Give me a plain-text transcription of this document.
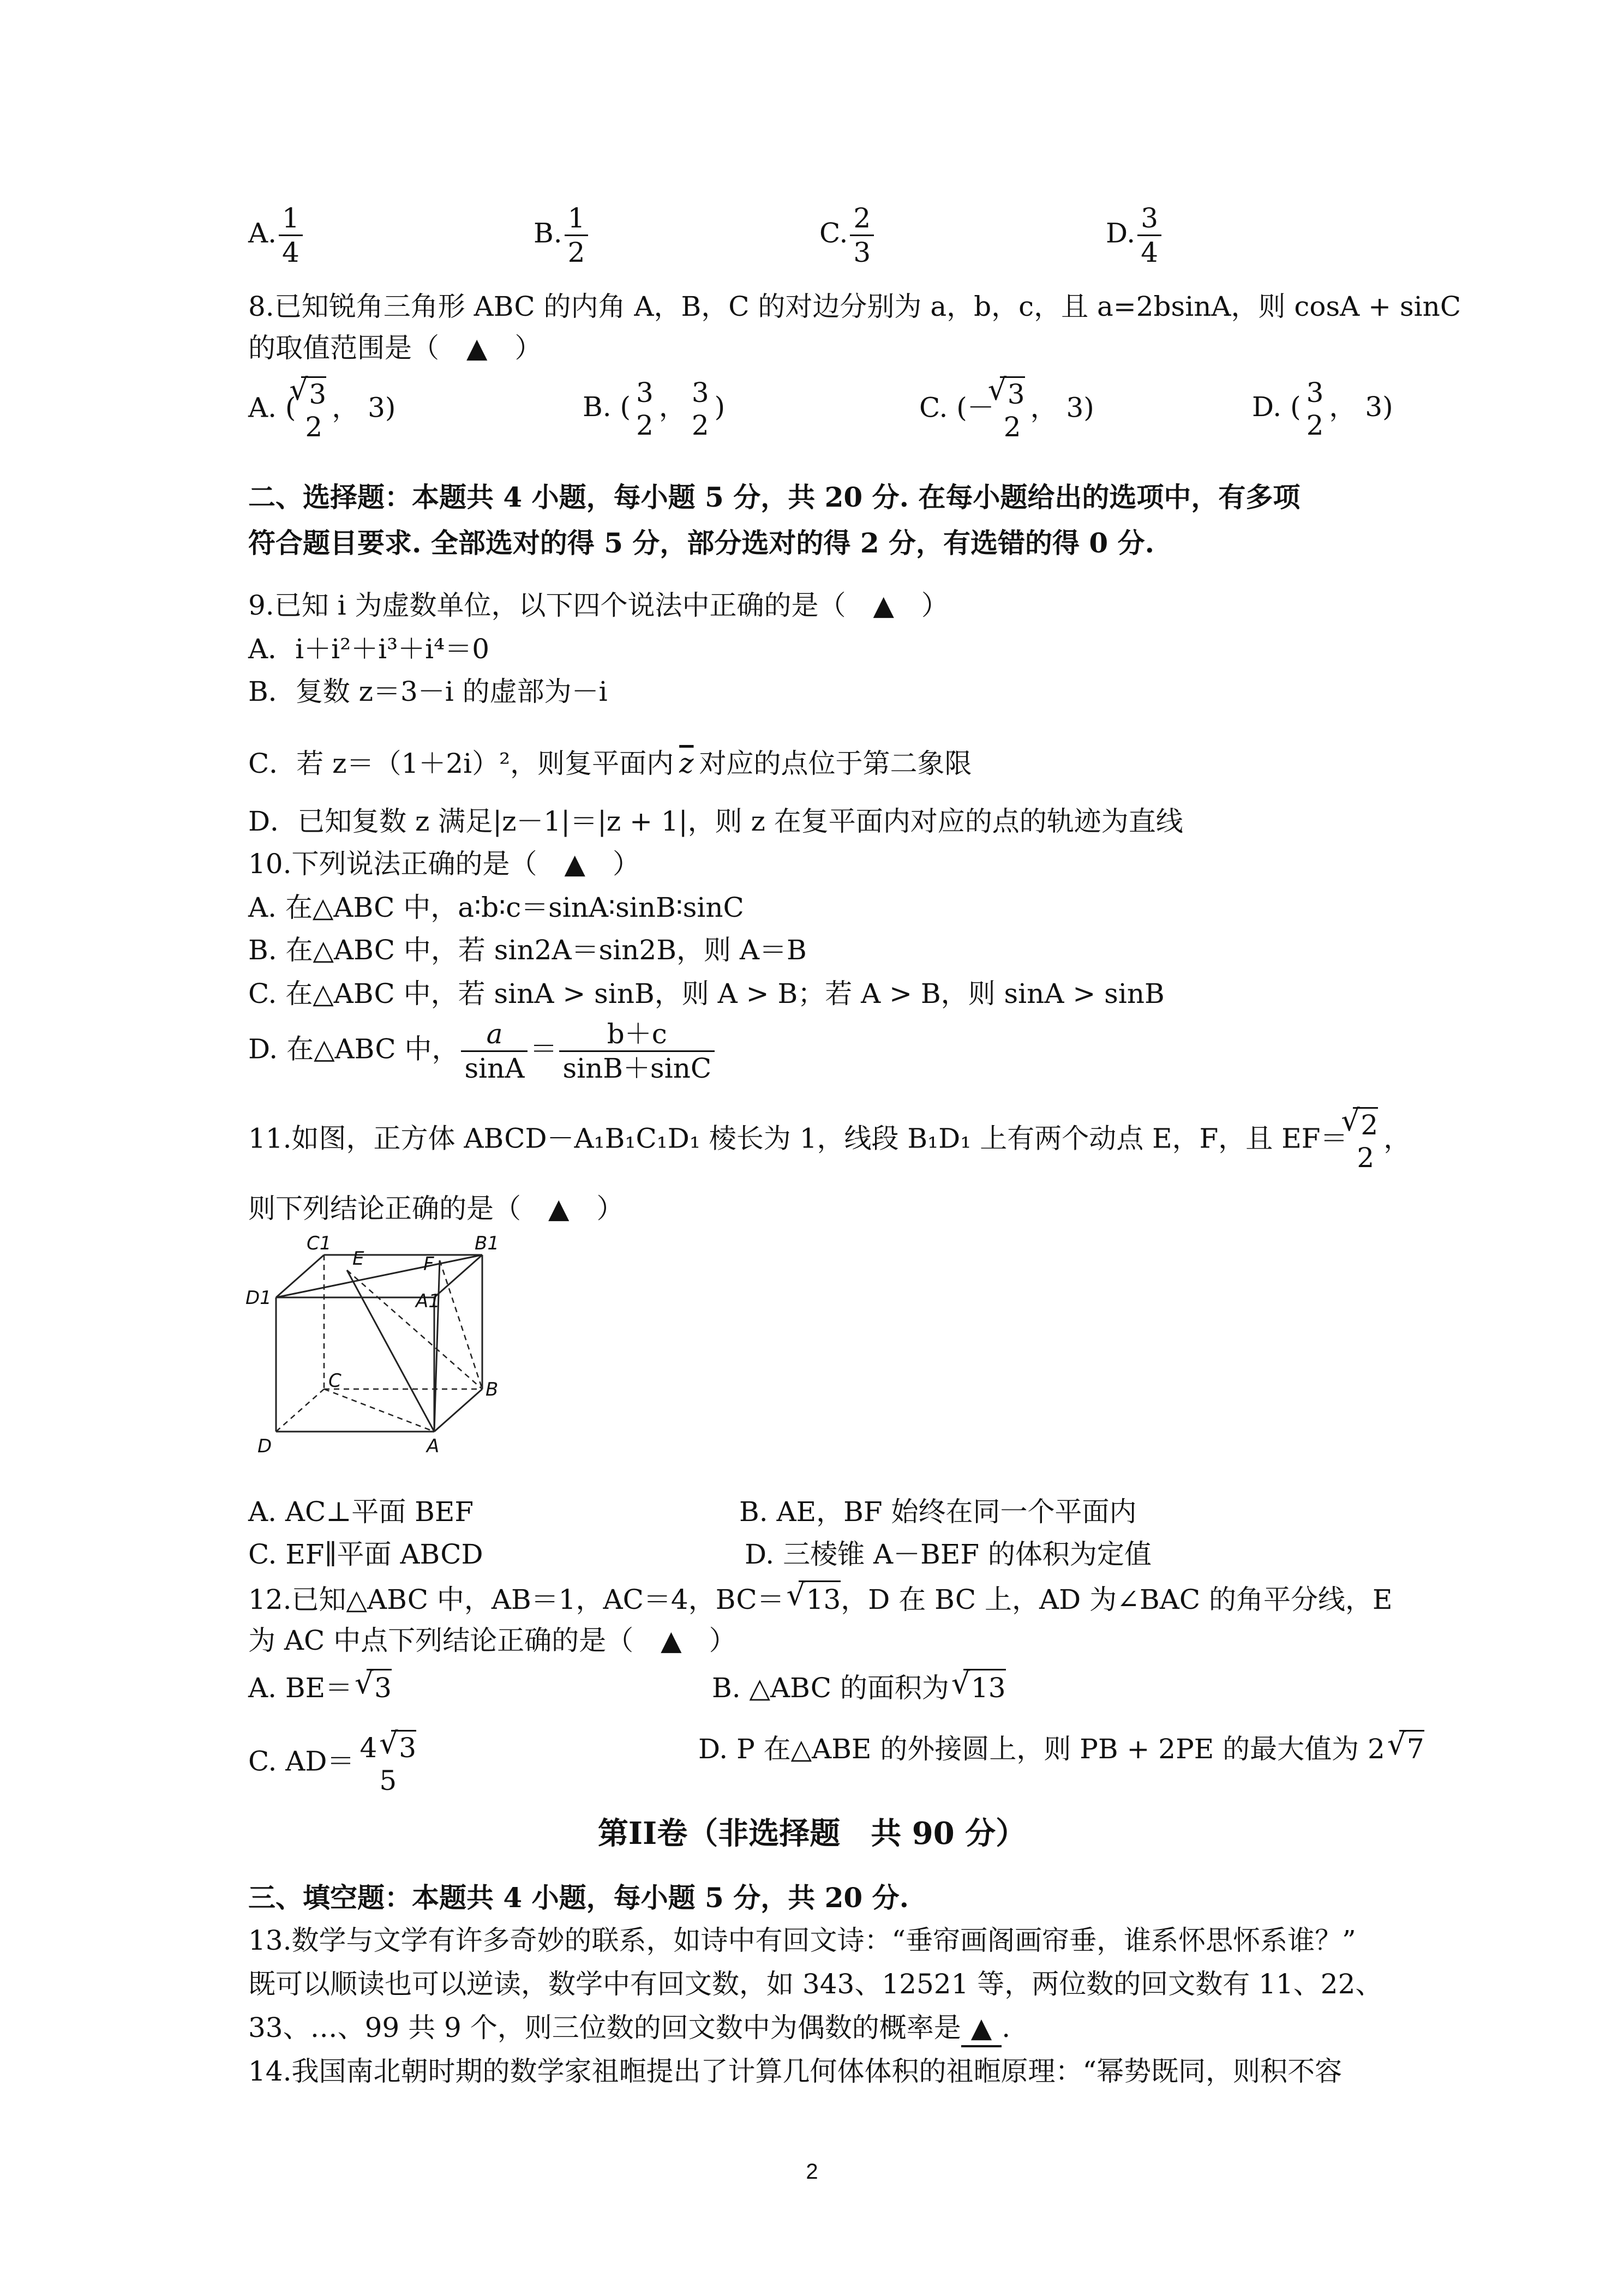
A. $\frac{1}{4}$	B. $\frac{1}{2}$	C. $\frac{2}{3}$	D. $\frac{3}{4}$
8.已知锐角三角形 ABC 的内角 A，B，C 的对边分别为 a，b，c，且 a=2bsinA，则 cosA + sinC
的取值范围是（　▲　）
A. ( √ 3
2
， 3)	B. ( 3
2
， 3
2
)	C. (－ √ 3
2
， 3)	D. ( 3
2
， 3)
二、选择题：本题共 4 小题，每小题 5 分，共 20 分. 在每小题给出的选项中，有多项
符合题目要求. 全部选对的得 5 分，部分选对的得 2 分，有选错的得 0 分.
9.已知 i 为虚数单位，以下四个说法中正确的是（　▲　）
A．i＋i²＋i³＋i⁴＝0
B．复数 z＝3－i 的虚部为－i
C．若 z＝（1＋2i）²，则复平面内 $\overline{z}$ 对应的点位于第二象限
D．已知复数 z 满足|z－1|＝|z + 1|，则 z 在复平面内对应的点的轨迹为直线
10.下列说法正确的是（　▲　）
A. 在△ABC 中，a∶b∶c＝sinA∶sinB∶sinC
B. 在△ABC 中，若 sin2A＝sin2B，则 A＝B
C. 在△ABC 中，若 sinA > sinB，则 A > B；若 A > B，则 sinA > sinB
D. 在△ABC 中， $\frac{a}{\sin A} = \frac{b+c}{\sin B+\sin C}$
11.如图，正方体 ABCD－A₁B₁C₁D₁ 棱长为 1，线段 B₁D₁ 上有两个动点 E，F，且 EF＝ √ 2
2
，
则下列结论正确的是（　▲　）
C1	B1
D1	A1
E	F
C	B
D	A
A. AC⊥平面 BEF	B. AE，BF 始终在同一个平面内
C. EF∥平面 ABCD	D. 三棱锥 A－BEF 的体积为定值
12.已知△ABC 中，AB＝1，AC＝4，BC＝ √ 13，D 在 BC 上，AD 为∠BAC 的角平分线，E
为 AC 中点下列结论正确的是（　▲　）
A. BE＝ √ 3	B. △ABC 的面积为 √ 13
C. AD＝ 4 √ 3
5
D. P 在△ABE 的外接圆上，则 PB + 2PE 的最大值为 2 √ 7
第II卷（非选择题　共 90 分）
三、填空题：本题共 4 小题，每小题 5 分，共 20 分.
13.数学与文学有许多奇妙的联系，如诗中有回文诗：“垂帘画阁画帘垂，谁系怀思怀系谁？”
既可以顺读也可以逆读，数学中有回文数，如 343、12521 等，两位数的回文数有 11、22、
33、…、99 共 9 个，则三位数的回文数中为偶数的概率是 ▲ .
14.我国南北朝时期的数学家祖暅提出了计算几何体体积的祖暅原理：“幂势既同，则积不容
2
